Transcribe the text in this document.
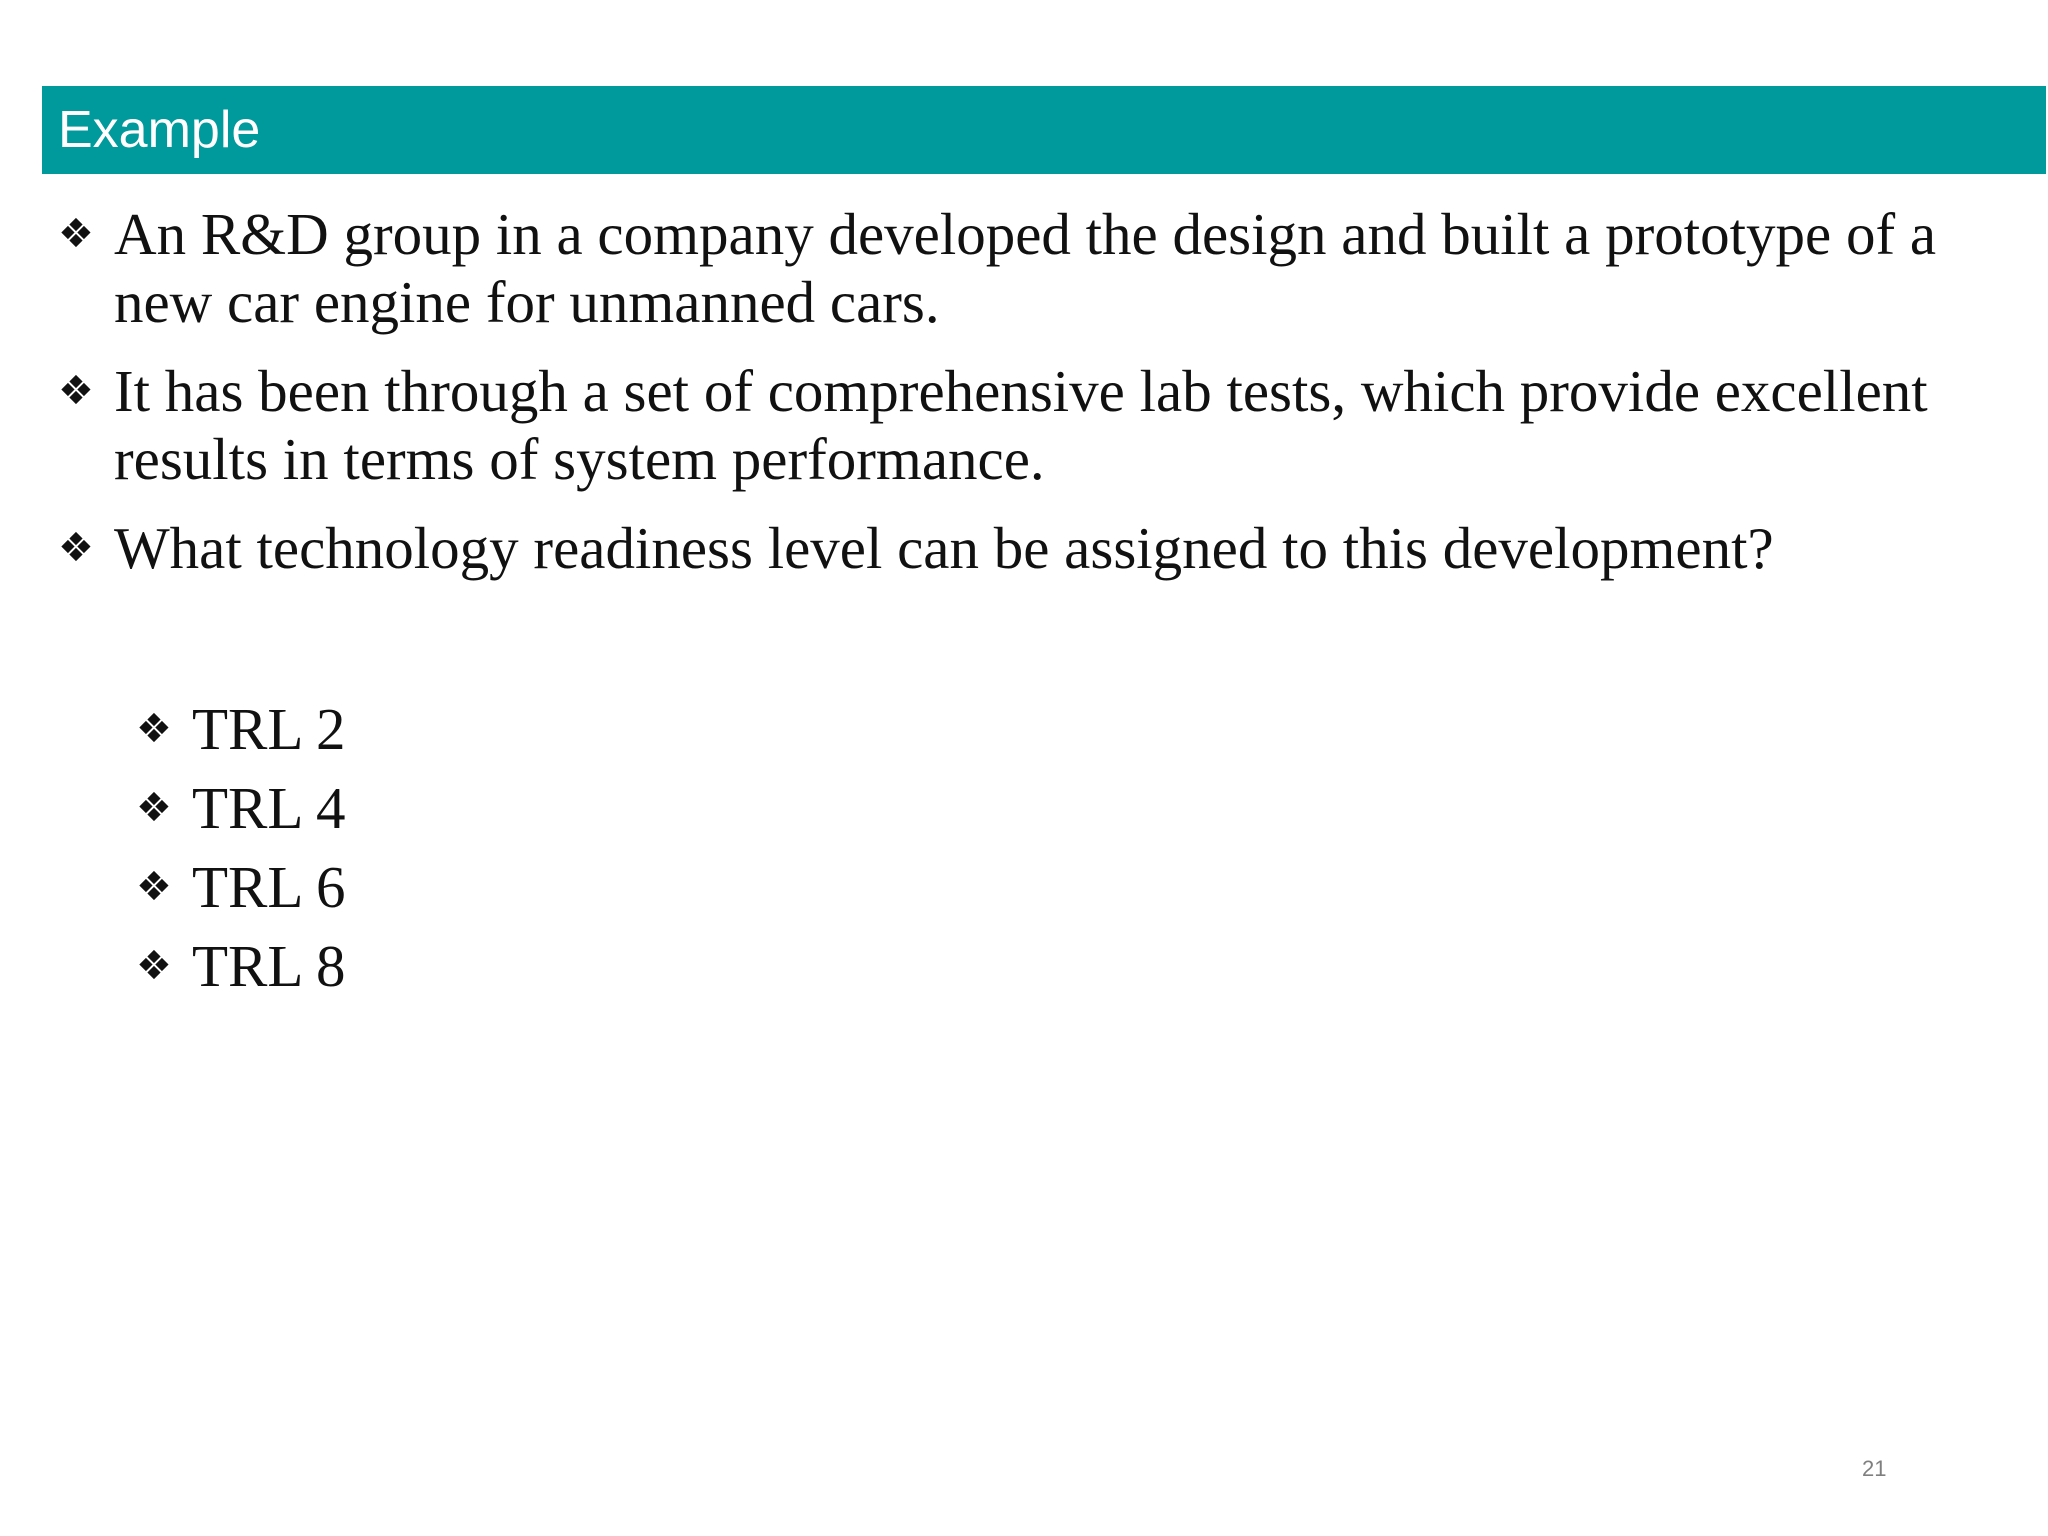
Example
❖ An R&D group in a company developed the design and built a prototype of a new car engine for unmanned cars.
❖ It has been through a set of comprehensive lab tests, which provide excellent results in terms of system performance.
❖ What technology readiness level can be assigned to this development?
❖ TRL 2
❖ TRL 4
❖ TRL 6
❖ TRL 8
21
